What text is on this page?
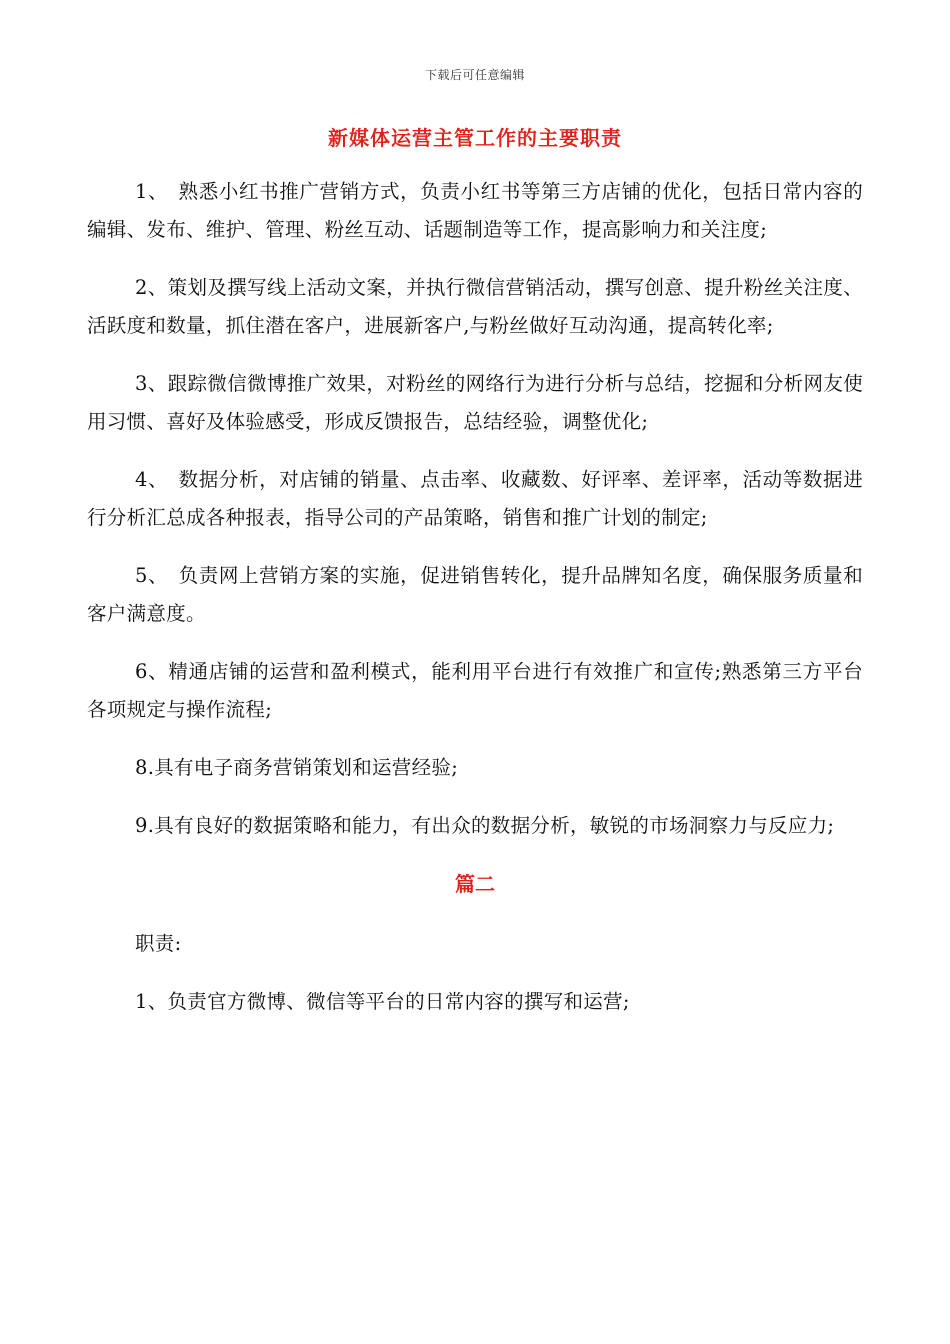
下载后可任意编辑
新媒体运营主管工作的主要职责

1、　熟悉小红书推广营销方式，负责小红书等第三方店铺的优化，包括日常内容的编辑、发布、维护、管理、粉丝互动、话题制造等工作，提高影响力和关注度;

2、策划及撰写线上活动文案，并执行微信营销活动，撰写创意、提升粉丝关注度、活跃度和数量，抓住潜在客户，进展新客户,与粉丝做好互动沟通，提高转化率;

3、跟踪微信微博推广效果，对粉丝的网络行为进行分析与总结，挖掘和分析网友使用习惯、喜好及体验感受，形成反馈报告，总结经验，调整优化;

4、　数据分析，对店铺的销量、点击率、收藏数、好评率、差评率，活动等数据进行分析汇总成各种报表，指导公司的产品策略，销售和推广计划的制定;

5、　负责网上营销方案的实施，促进销售转化，提升品牌知名度，确保服务质量和客户满意度。

6、精通店铺的运营和盈利模式，能利用平台进行有效推广和宣传;熟悉第三方平台各项规定与操作流程;

8.具有电子商务营销策划和运营经验;

9.具有良好的数据策略和能力，有出众的数据分析，敏锐的市场洞察力与反应力;

篇二

职责:

1、负责官方微博、微信等平台的日常内容的撰写和运营;
